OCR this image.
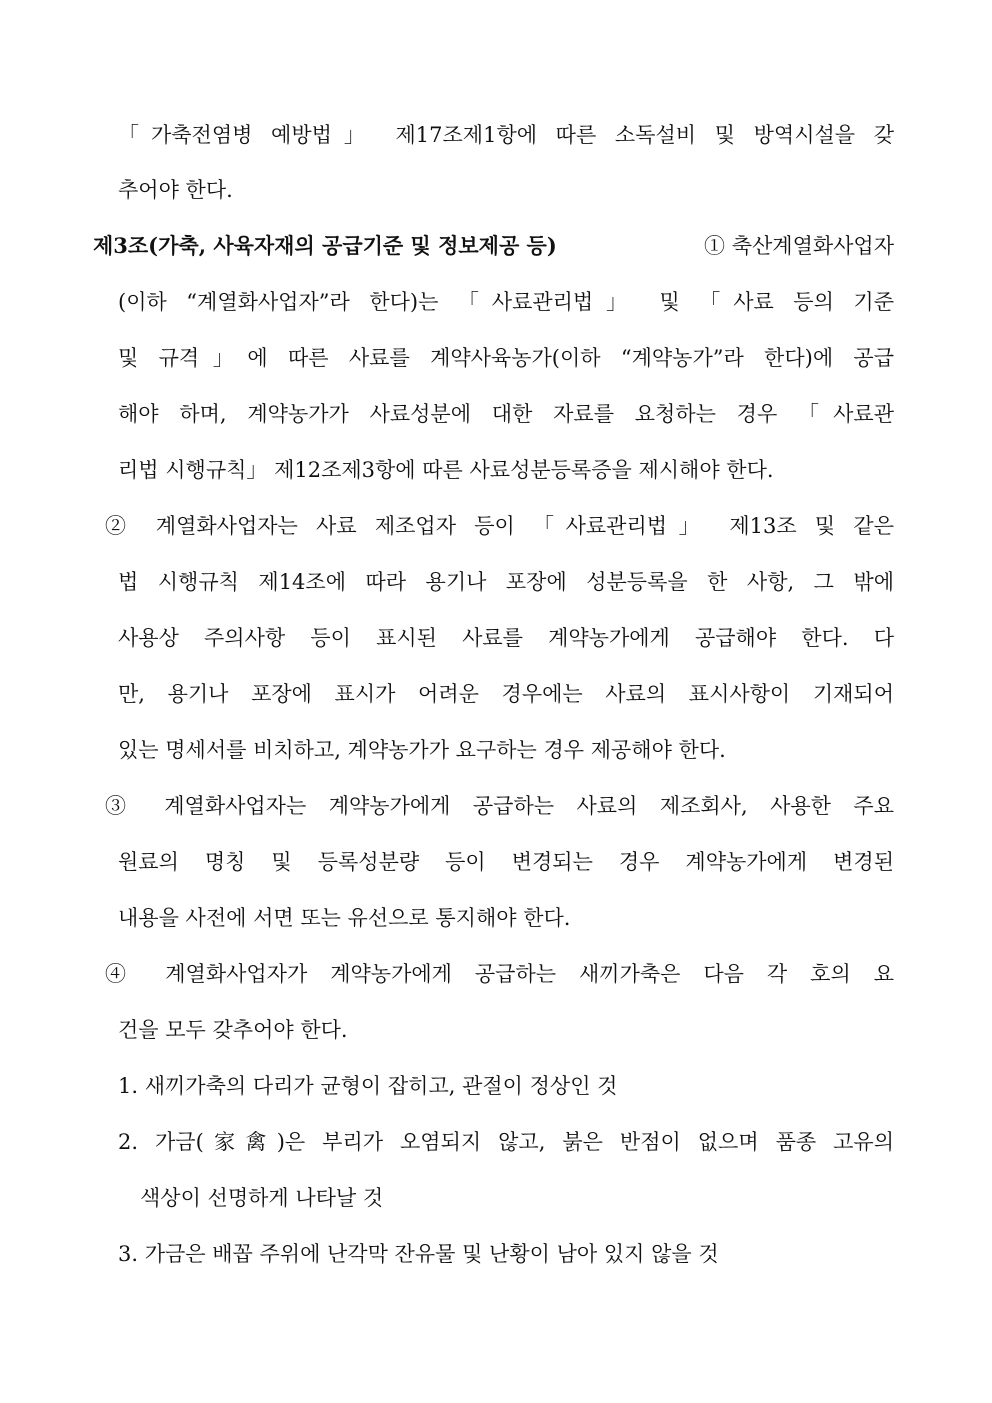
「가축전염병 예방법」 제17조제1항에 따른 소독설비 및 방역시설을 갖
추어야 한다.
제3조(가축, 사육자재의 공급기준 및 정보제공 등)	① 축산계열화사업자
(이하 “계열화사업자”라 한다)는 「사료관리법」 및 「사료 등의 기준
및 규격」에 따른 사료를 계약사육농가(이하 “계약농가”라 한다)에 공급
해야 하며, 계약농가가 사료성분에 대한 자료를 요청하는 경우 「사료관
리법 시행규칙」 제12조제3항에 따른 사료성분등록증을 제시해야 한다.
② 계열화사업자는 사료 제조업자 등이 「사료관리법」 제13조 및 같은
법 시행규칙 제14조에 따라 용기나 포장에 성분등록을 한 사항, 그 밖에
사용상 주의사항 등이 표시된 사료를 계약농가에게 공급해야 한다. 다
만, 용기나 포장에 표시가 어려운 경우에는 사료의 표시사항이 기재되어
있는 명세서를 비치하고, 계약농가가 요구하는 경우 제공해야 한다.
③ 계열화사업자는 계약농가에게 공급하는 사료의 제조회사, 사용한 주요
원료의 명칭 및 등록성분량 등이 변경되는 경우 계약농가에게 변경된
내용을 사전에 서면 또는 유선으로 통지해야 한다.
④ 계열화사업자가 계약농가에게 공급하는 새끼가축은 다음 각 호의 요
건을 모두 갖추어야 한다.
1. 새끼가축의 다리가 균형이 잡히고, 관절이 정상인 것
2. 가금(家禽)은 부리가 오염되지 않고, 붉은 반점이 없으며 품종 고유의
색상이 선명하게 나타날 것
3. 가금은 배꼽 주위에 난각막 잔유물 및 난황이 남아 있지 않을 것
